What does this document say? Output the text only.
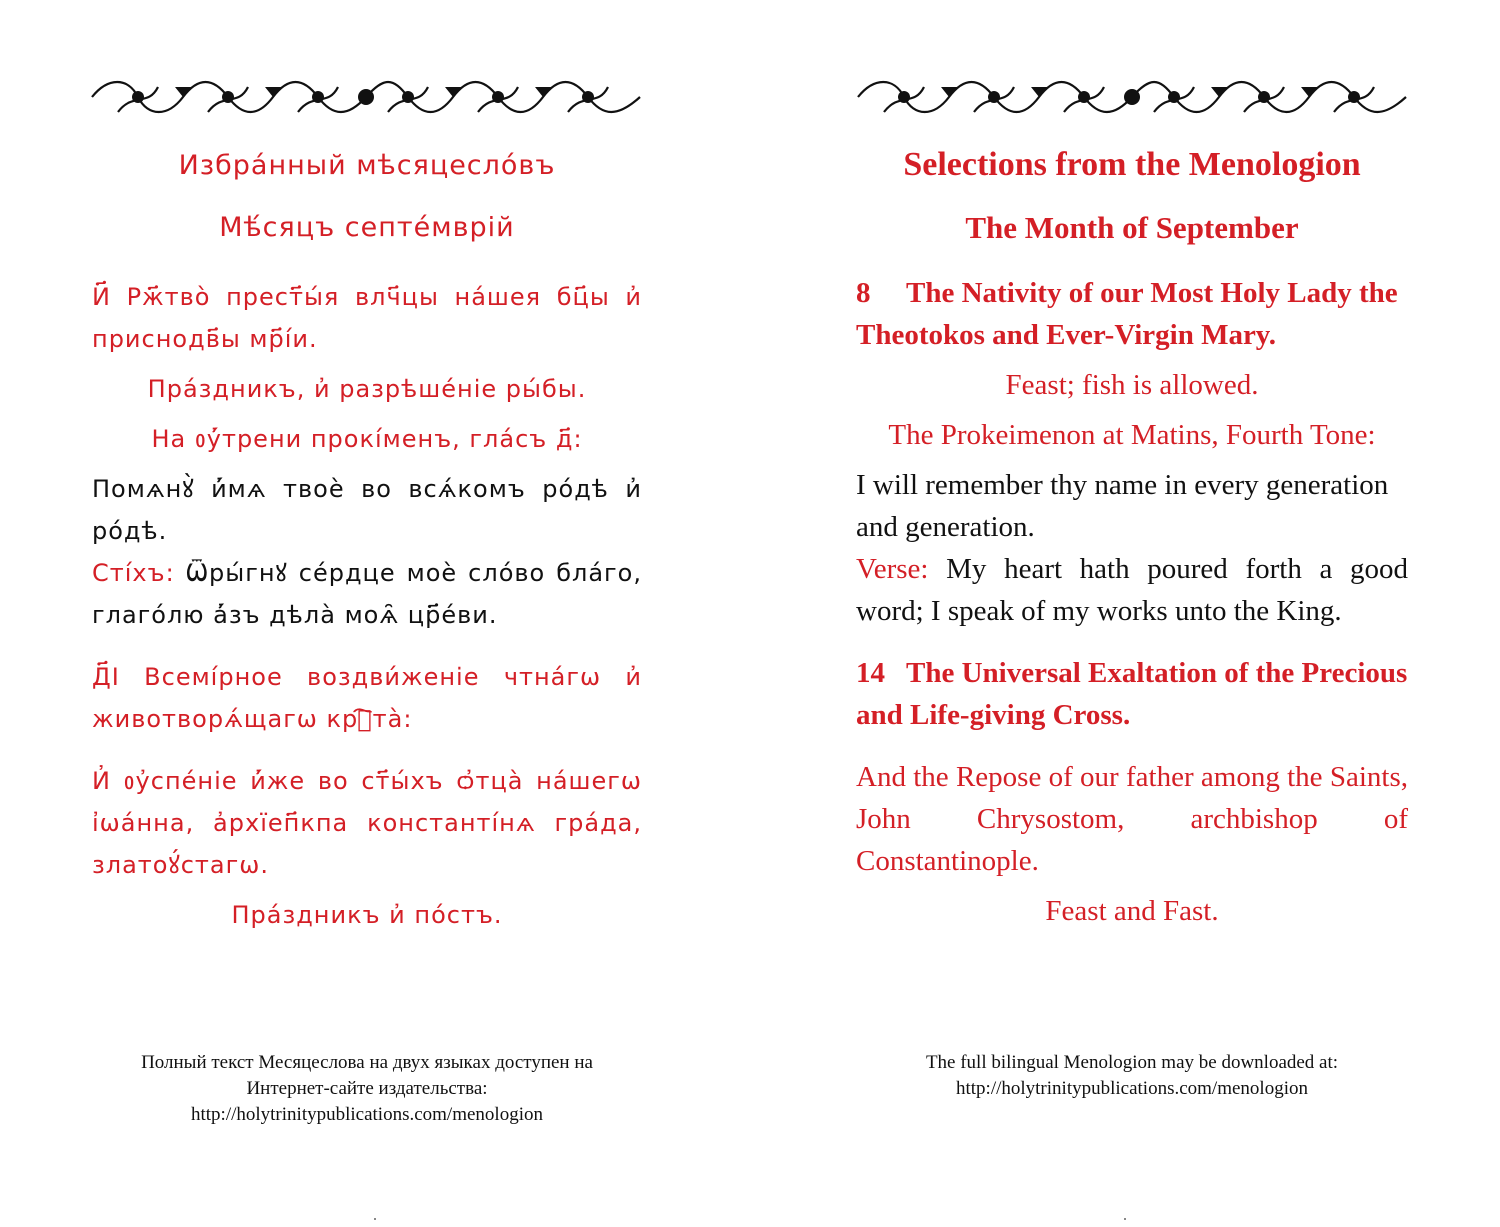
Избра́нный мѣсяцесло́въ
Мѣ́сяцъ септе́мврій
И҃ Рж҃тво̀ прест҃ы́я влч҃цы на́шея бц҃ы и҆ приснодв҃ы мр҃і́и.
Пра́здникъ, и҆ разрѣше́ніе ры́бы.
На ᲂу҆́трени прокі́менъ, гла́съ д҃:
Помѧнꙋ̀ и҆́мѧ твоѐ во всѧ́комъ ро́дѣ и҆ ро́дѣ.
Сті́хъ: Ѿры́гнꙋ се́рдце моѐ сло́во бла́го, глаго́лю а҆́зъ дѣла̀ моѧ̑ цр҃е́ви.
Д҃І Всемі́рное воздви́женіе чтна́гѡ и҆ животворѧ́щагѡ крⷭ҇та̀:
И҆ ᲂу҆спе́ніе и҆́же во ст҃ы́хъ ѻ҆тца̀ на́шегѡ і҆ѡа́нна, а҆рхїеп҃кпа константі́нѧ гра́да, златоꙋ́стагѡ.
Пра́здникъ и҆ по́стъ.
Полный текст Месяцеслова на двух языках доступен на
Интернет-сайте издательства:
http://holytrinitypublications.com/menologion
Selections from the Menologion
The Month of September
8 The Nativity of our Most Holy Lady the Theotokos and Ever-Virgin Mary.
Feast; fish is allowed.
The Prokeimenon at Matins, Fourth Tone:
I will remember thy name in every generation and generation.
Verse: My heart hath poured forth a good word; I speak of my works unto the King.
14 The Universal Exaltation of the Precious and Life-giving Cross.
And the Repose of our father among the Saints, John Chrysostom, archbishop of Constantinople.
Feast and Fast.
The full bilingual Menologion may be downloaded at:
http://holytrinitypublications.com/menologion
